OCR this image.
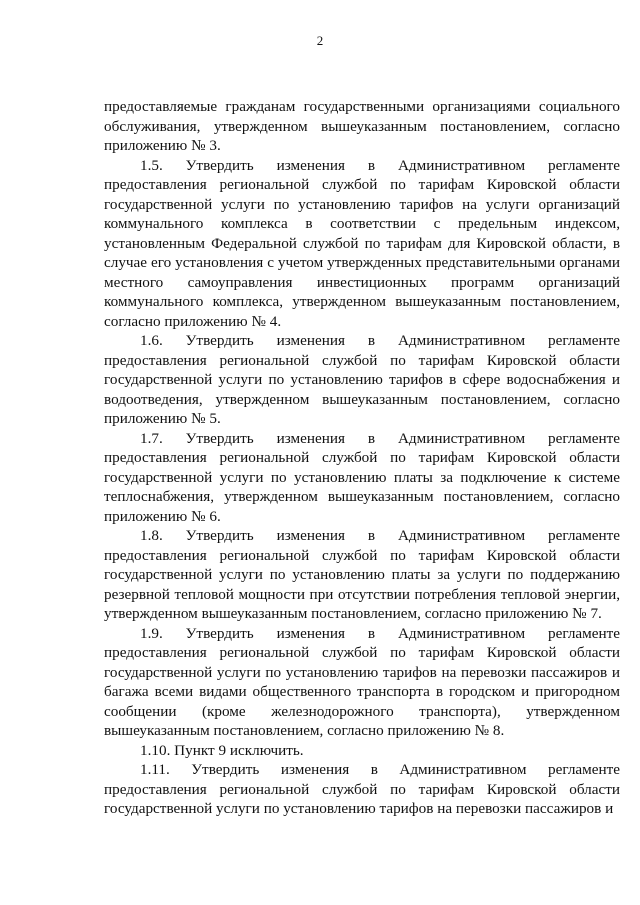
2

предоставляемые гражданам государственными организациями социального обслуживания, утвержденном вышеуказанным постановлением, согласно приложению № 3.

1.5. Утвердить изменения в Административном регламенте предоставления региональной службой по тарифам Кировской области государственной услуги по установлению тарифов на услуги организаций коммунального комплекса в соответствии с предельным индексом, установленным Федеральной службой по тарифам для Кировской области, в случае его установления с учетом утвержденных представительными органами местного самоуправления инвестиционных программ организаций коммунального комплекса, утвержденном вышеуказанным постановлением, согласно приложению № 4.

1.6. Утвердить изменения в Административном регламенте предоставления региональной службой по тарифам Кировской области государственной услуги по установлению тарифов в сфере водоснабжения и водоотведения, утвержденном вышеуказанным постановлением, согласно приложению № 5.

1.7. Утвердить изменения в Административном регламенте предоставления региональной службой по тарифам Кировской области государственной услуги по установлению платы за подключение к системе теплоснабжения, утвержденном вышеуказанным постановлением, согласно приложению № 6.

1.8. Утвердить изменения в Административном регламенте предоставления региональной службой по тарифам Кировской области государственной услуги по установлению платы за услуги по поддержанию резервной тепловой мощности при отсутствии потребления тепловой энергии, утвержденном вышеуказанным постановлением, согласно приложению № 7.

1.9. Утвердить изменения в Административном регламенте предоставления региональной службой по тарифам Кировской области государственной услуги по установлению тарифов на перевозки пассажиров и багажа всеми видами общественного транспорта в городском и пригородном сообщении (кроме железнодорожного транспорта), утвержденном вышеуказанным постановлением, согласно приложению № 8.

1.10. Пункт 9 исключить.

1.11. Утвердить изменения в Административном регламенте предоставления региональной службой по тарифам Кировской области государственной услуги по установлению тарифов на перевозки пассажиров и
